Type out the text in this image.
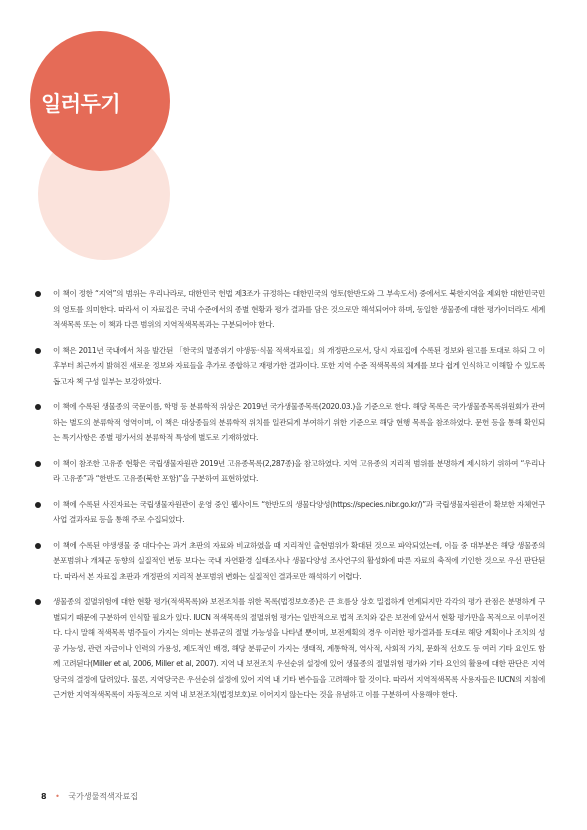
일러두기
이 책이 정한 “지역”의 범위는 우리나라로, 대한민국 헌법 제3조가 규정하는 대한민국의 영토(한반도와 그 부속도서) 중에서도 북한지역을 제외한 대한민국민의 영토를 의미한다. 따라서 이 자료집은 국내 수준에서의 종별 현황과 평가 결과를 담은 것으로만 해석되어야 하며, 동일한 생물종에 대한 평가이더라도 세계적색목록 또는 이 책과 다른 범위의 지역적색목록과는 구분되어야 한다.
이 책은 2011년 국내에서 처음 발간된 「한국의 멸종위기 야생동·식물 적색자료집」의 개정판으로서, 당시 자료집에 수록된 정보와 원고를 토대로 하되 그 이후부터 최근까지 밝혀진 새로운 정보와 자료들을 추가로 종합하고 재평가한 결과이다. 또한 지역 수준 적색목록의 체계를 보다 쉽게 인식하고 이해할 수 있도록 돕고자 책 구성 일부는 보강하였다.
이 책에 수록된 생물종의 국문이름, 학명 등 분류학적 위상은 2019년 국가생물종목록(2020.03.)을 기준으로 한다. 해당 목록은 국가생물종목록위원회가 관여하는 별도의 분류학적 영역이며, 이 책은 대상종들의 분류학적 위치를 일관되게 부여하기 위한 기준으로 해당 현행 목록을 참조하였다. 문헌 등을 통해 확인되는 특기사항은 종별 평가서의 분류학적 특성에 별도로 기재하였다.
이 책이 참조한 고유종 현황은 국립생물자원관 2019년 고유종목록(2,287종)을 참고하였다. 지역 고유종의 지리적 범위를 분명하게 제시하기 위하여 “우리나라 고유종”과 “한반도 고유종(북한 포함)”을 구분하여 표현하였다.
이 책에 수록된 사진자료는 국립생물자원관이 운영 중인 웹사이트 “한반도의 생물다양성(https://species.nibr.go.kr/)”과 국립생물자원관이 확보한 자체연구사업 결과자료 등을 통해 주로 수집되었다.
이 책에 수록된 야생생물 중 대다수는 과거 초판의 자료와 비교하였을 때 지리적인 출현범위가 확대된 것으로 파악되었는데, 이들 중 대부분은 해당 생물종의 분포범위나 개체군 동향의 실질적인 변동 보다는 국내 자연환경 실태조사나 생물다양성 조사연구의 활성화에 따른 자료의 축적에 기인한 것으로 우선 판단된다. 따라서 본 자료집 초판과 개정판의 지리적 분포범위 변화는 실질적인 결과로만 해석하기 어렵다.
생물종의 절멸위험에 대한 현황 평가(적색목록)와 보전조치를 위한 목록(법정보호종)은 큰 흐름상 상호 밀접하게 연계되지만 각각의 평가 관점은 분명하게 구별되기 때문에 구분하여 인식할 필요가 있다. IUCN 적색목록의 절멸위험 평가는 일반적으로 법적 조치와 같은 보전에 앞서서 현황 평가만을 목적으로 이루어진다. 다시 말해 적색목록 범주들이 가지는 의미는 분류군의 절멸 가능성을 나타낼 뿐이며, 보전계획의 경우 이러한 평가결과를 토대로 해당 계획이나 조치의 성공 가능성, 관련 자금이나 인력의 가용성, 제도적인 배경, 해당 분류군이 가지는 생태적, 계통학적, 역사적, 사회적 가치, 문화적 선호도 등 여러 기타 요인도 함께 고려된다(Miller et al, 2006, Miller et al, 2007). 지역 내 보전조치 우선순위 설정에 있어 생물종의 절멸위험 평가와 기타 요인의 활용에 대한 판단은 지역당국의 결정에 달려있다. 물론, 지역당국은 우선순위 설정에 있어 지역 내 기타 변수들을 고려해야 할 것이다. 따라서 지역적색목록 사용자들은 IUCN의 지침에 근거한 지역적색목록이 자동적으로 지역 내 보전조치(법정보호)로 이어지지 않는다는 것을 유념하고 이를 구분하여 사용해야 한다.
8 • 국가생물적색자료집
